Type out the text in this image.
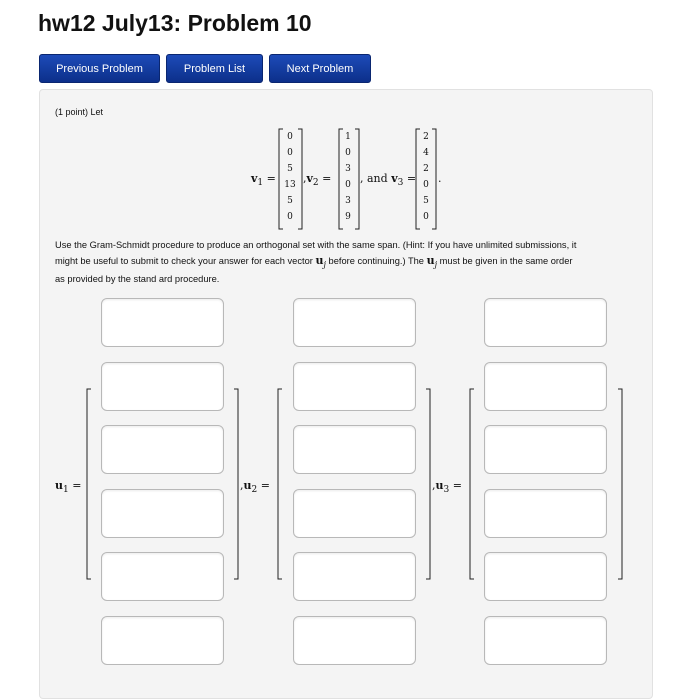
hw12 July13: Problem 10
Previous Problem	Problem List	Next Problem
(1 point) Let
$v_1$ =
0
0
5
13
5
0
$,v_2$ =
1
0
3
0
3
9
, and $v_3$ =
2
4
2
0
5
0
.
Use the Gram-Schmidt procedure to produce an orthogonal set with the same span. (Hint: If you have unlimited submissions, it
might be useful to submit to check your answer for each vector $u_j$ before continuing.) The $u_j$ must be given in the same order
as provided by the stand ard procedure.
$u_1$ =	$,u_2$ =	$,u_3$ =
